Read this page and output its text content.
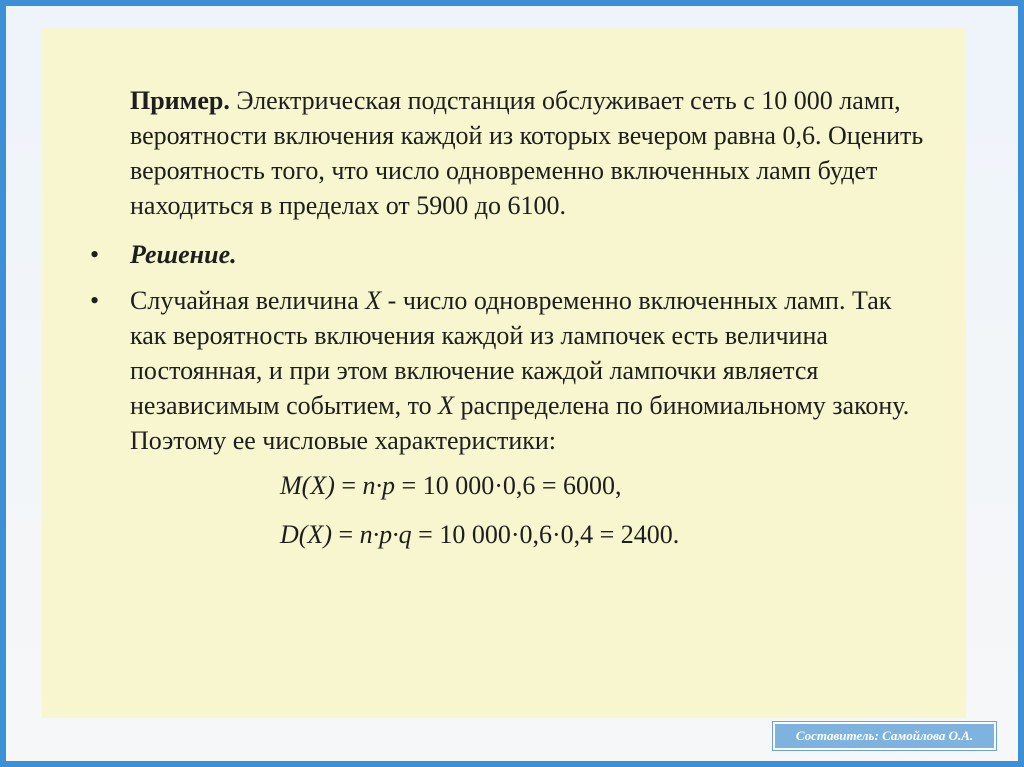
Пример. Электрическая подстанция обслуживает сеть с 10 000 ламп, вероятности включения каждой из которых вечером равна 0,6. Оценить вероятность того, что число одновременно включенных ламп будет находиться в пределах от 5900 до 6100.

•	Решение.
•	Случайная величина X - число одновременно включенных ламп. Так как вероятность включения каждой из лампочек есть величина постоянная, и при этом включение каждой лампочки является независимым событием, то X распределена по биномиальному закону. Поэтому ее числовые характеристики:
M(X) = n·p = 10 000·0,6 = 6000,
D(X) = n·p·q = 10 000·0,6·0,4 = 2400.
Составитель: Самойлова О.А.
